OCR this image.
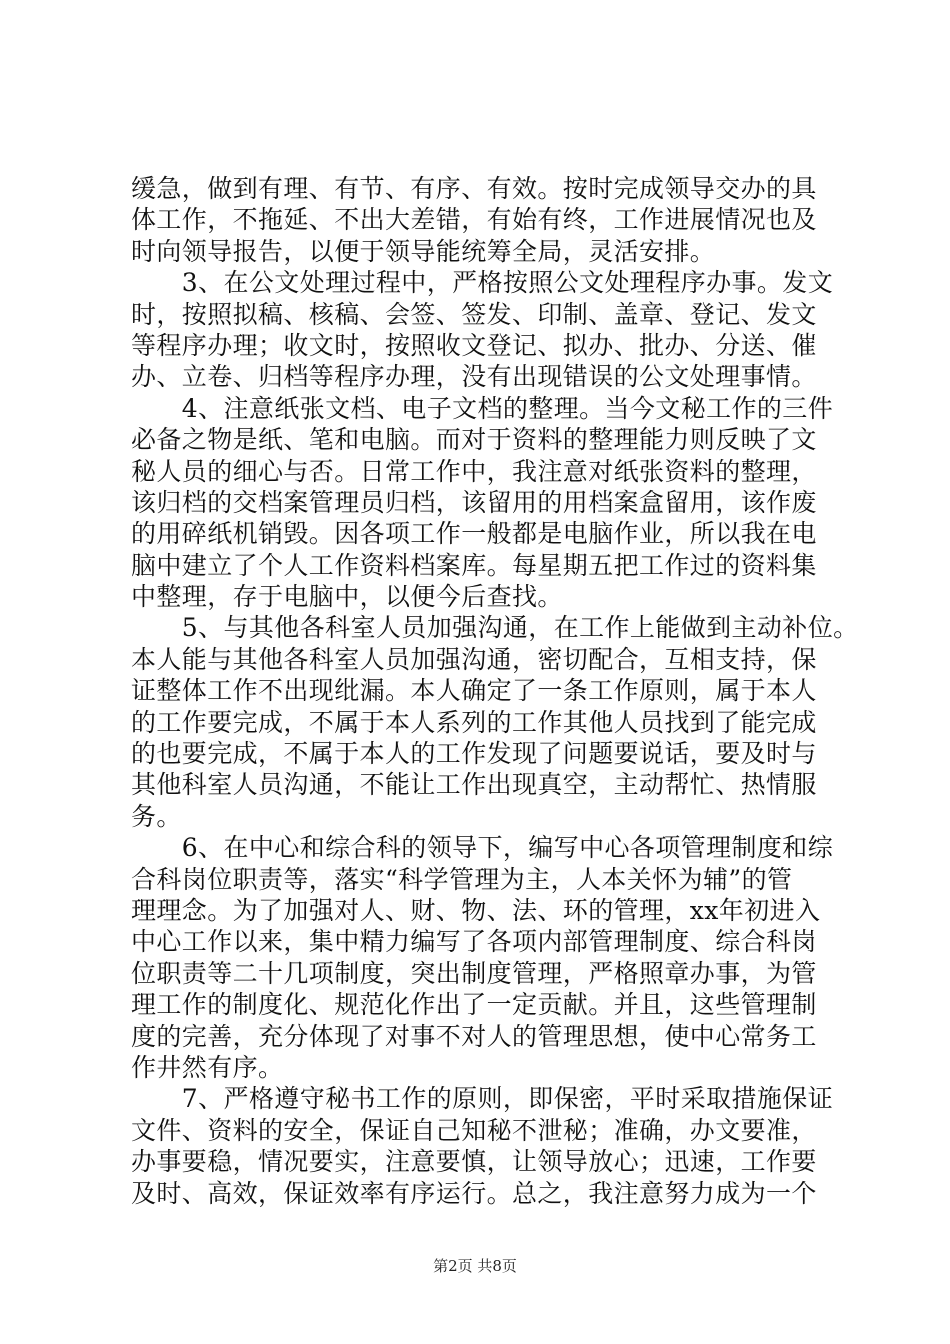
缓急，做到有理、有节、有序、有效。按时完成领导交办的具
体工作，不拖延、不出大差错，有始有终，工作进展情况也及
时向领导报告，以便于领导能统筹全局，灵活安排。
　　3、在公文处理过程中，严格按照公文处理程序办事。发文
时，按照拟稿、核稿、会签、签发、印制、盖章、登记、发文
等程序办理；收文时，按照收文登记、拟办、批办、分送、催
办、立卷、归档等程序办理，没有出现错误的公文处理事情。
　　4、注意纸张文档、电子文档的整理。当今文秘工作的三件
必备之物是纸、笔和电脑。而对于资料的整理能力则反映了文
秘人员的细心与否。日常工作中，我注意对纸张资料的整理，
该归档的交档案管理员归档，该留用的用档案盒留用，该作废
的用碎纸机销毁。因各项工作一般都是电脑作业，所以我在电
脑中建立了个人工作资料档案库。每星期五把工作过的资料集
中整理，存于电脑中，以便今后查找。
　　5、与其他各科室人员加强沟通，在工作上能做到主动补位。
本人能与其他各科室人员加强沟通，密切配合，互相支持，保
证整体工作不出现纰漏。本人确定了一条工作原则，属于本人
的工作要完成，不属于本人系列的工作其他人员找到了能完成
的也要完成，不属于本人的工作发现了问题要说话，要及时与
其他科室人员沟通，不能让工作出现真空，主动帮忙、热情服
务。
　　6、在中心和综合科的领导下，编写中心各项管理制度和综
合科岗位职责等，落实“科学管理为主，人本关怀为辅”的管
理理念。为了加强对人、财、物、法、环的管理，xx年初进入
中心工作以来，集中精力编写了各项内部管理制度、综合科岗
位职责等二十几项制度，突出制度管理，严格照章办事，为管
理工作的制度化、规范化作出了一定贡献。并且，这些管理制
度的完善，充分体现了对事不对人的管理思想，使中心常务工
作井然有序。
　　7、严格遵守秘书工作的原则，即保密，平时采取措施保证
文件、资料的安全，保证自己知秘不泄秘；准确，办文要准，
办事要稳，情况要实，注意要慎，让领导放心；迅速，工作要
及时、高效，保证效率有序运行。总之，我注意努力成为一个
第2页 共8页
